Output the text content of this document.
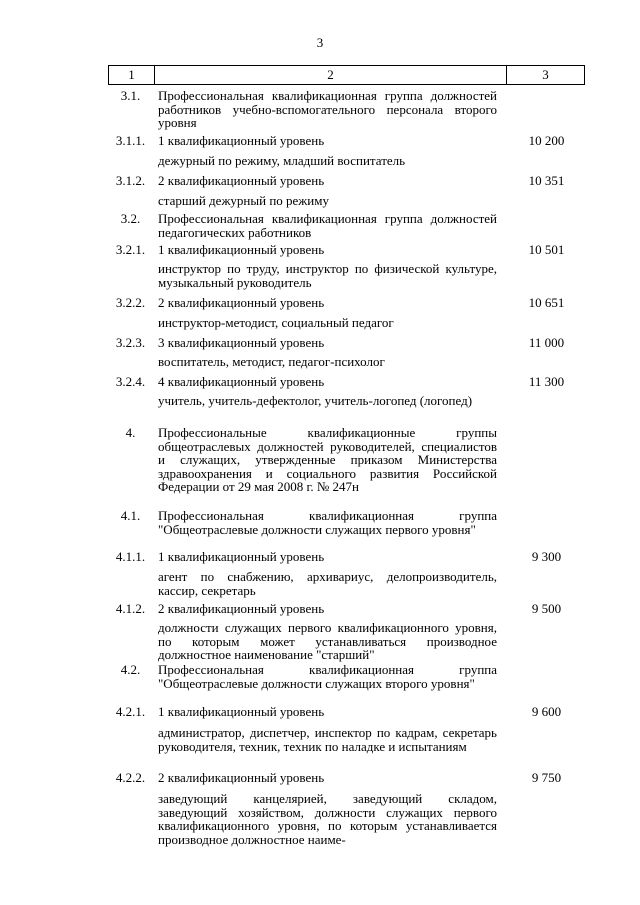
3
1	2	3
3.1.	Профессиональная квалификационная группа должностей работников учебно-вспомогательного персонала второго уровня
3.1.1. 1 квалификационный уровень	10 200
дежурный по режиму, младший воспитатель
3.1.2. 2 квалификационный уровень	10 351
старший дежурный по режиму
3.2.	Профессиональная квалификационная группа должностей педагогических работников
3.2.1. 1 квалификационный уровень	10 501
инструктор по труду, инструктор по физической культуре, музыкальный руководитель
3.2.2. 2 квалификационный уровень	10 651
инструктор-методист, социальный педагог
3.2.3. 3 квалификационный уровень	11 000
воспитатель, методист, педагог-психолог
3.2.4. 4 квалификационный уровень	11 300
учитель, учитель-дефектолог, учитель-логопед (логопед)
4.	Профессиональные квалификационные группы общеотраслевых должностей руководителей, специалистов и служащих, утвержденные приказом Министерства здравоохранения и социального развития Российской Федерации от 29 мая 2008 г. № 247н
4.1.	Профессиональная квалификационная группа "Общеотраслевые должности служащих первого уровня"
4.1.1. 1 квалификационный уровень	9 300
агент по снабжению, архивариус, делопроизводитель, кассир, секретарь
4.1.2. 2 квалификационный уровень	9 500
должности служащих первого квалификационного уровня, по которым может устанавливаться производное должностное наименование "старший"
4.2.	Профессиональная квалификационная группа "Общеотраслевые должности служащих второго уровня"
4.2.1. 1 квалификационный уровень	9 600
администратор, диспетчер, инспектор по кадрам, секретарь руководителя, техник, техник по наладке и испытаниям
4.2.2. 2 квалификационный уровень	9 750
заведующий канцелярией, заведующий складом, заведующий хозяйством, должности служащих первого квалификационного уровня, по которым устанавливается производное должностное наиме-
